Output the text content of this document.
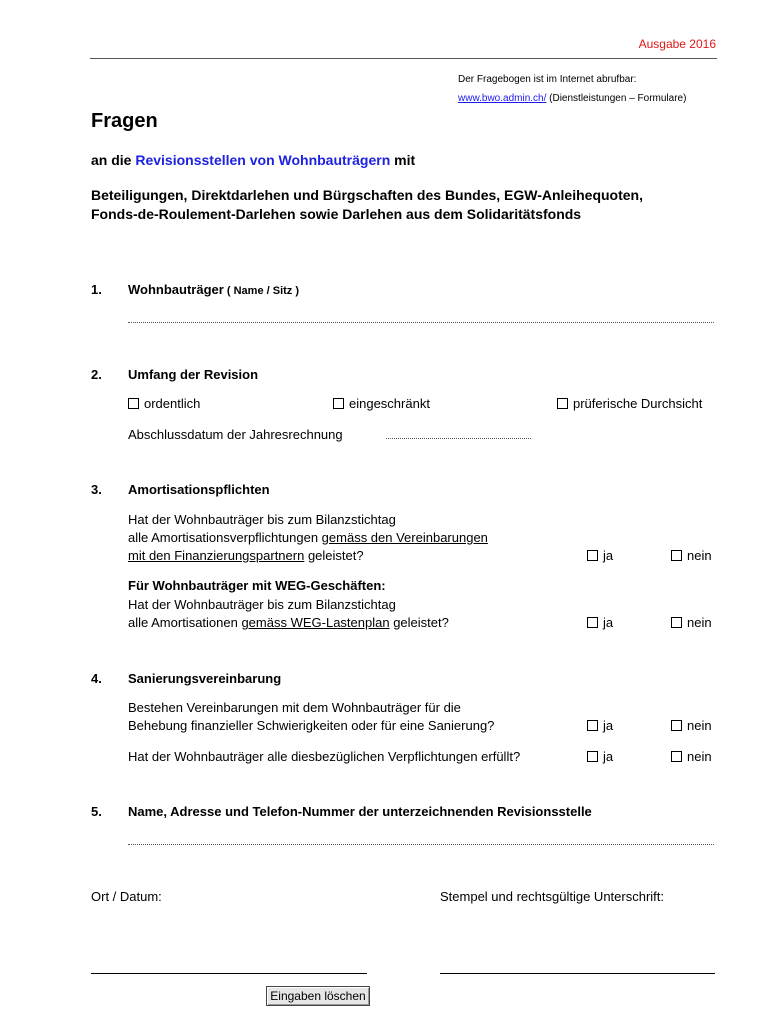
Ausgabe 2016
Der Fragebogen ist im Internet abrufbar:
www.bwo.admin.ch/ (Dienstleistungen – Formulare)
Fragen
an die Revisionsstellen von Wohnbauträgern mit
Beteiligungen, Direktdarlehen und Bürgschaften des Bundes, EGW-Anleihequoten,
Fonds-de-Roulement-Darlehen sowie Darlehen aus dem Solidaritätsfonds
1. Wohnbauträger ( Name / Sitz )
2. Umfang der Revision
ordentlich	eingeschränkt	prüferische Durchsicht
Abschlussdatum der Jahresrechnung
3. Amortisationspflichten
Hat der Wohnbauträger bis zum Bilanzstichtag
alle Amortisationsverpflichtungen gemäss den Vereinbarungen
mit den Finanzierungspartnern geleistet?	ja	nein
Für Wohnbauträger mit WEG-Geschäften:
Hat der Wohnbauträger bis zum Bilanzstichtag
alle Amortisationen gemäss WEG-Lastenplan geleistet?	ja	nein
4. Sanierungsvereinbarung
Bestehen Vereinbarungen mit dem Wohnbauträger für die
Behebung finanzieller Schwierigkeiten oder für eine Sanierung?	ja	nein
Hat der Wohnbauträger alle diesbezüglichen Verpflichtungen erfüllt?	ja	nein
5. Name, Adresse und Telefon-Nummer der unterzeichnenden Revisionsstelle
Ort / Datum:	Stempel und rechtsgültige Unterschrift:
Eingaben löschen
